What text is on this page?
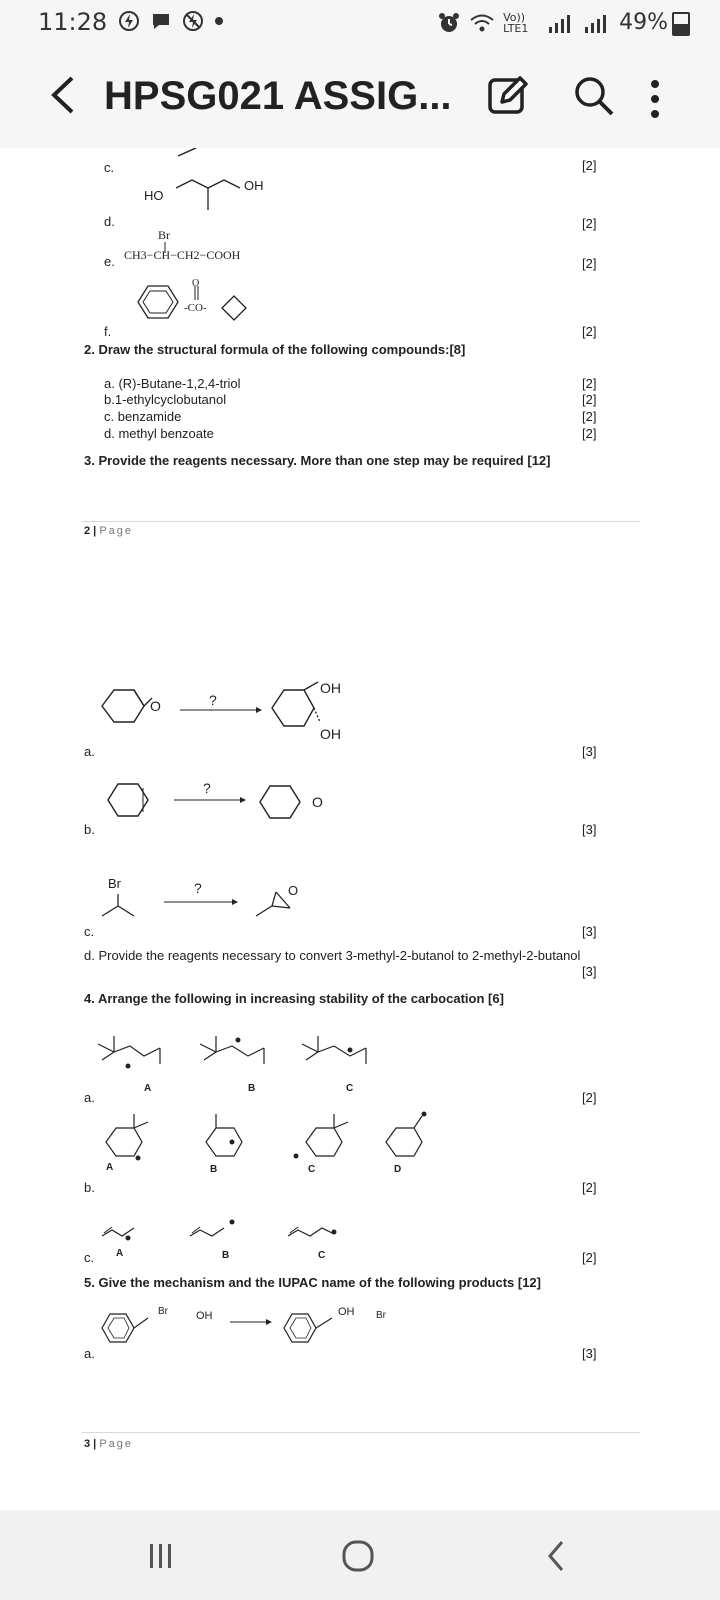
11:28	Vo)) LTE1	49%
HPSG021 ASSIG...
c.	[2]
HO
OH
d.	[2]
Br
e. CH3−CH−CH2−COOH
[2]
O
-CO-
f.	[2]
2. Draw the structural formula of the following compounds:[8]
a. (R)-Butane-1,2,4-triol	[2]
b.1-ethylcyclobutanol	[2]
c. benzamide	[2]
d. methyl benzoate	[2]
3. Provide the reagents necessary. More than one step may be required [12]
2 | Page
O	?
OH
OH
a.	[3]
?
O
b.	[3]
Br	?	O
c.	[3]
d. Provide the reagents necessary to convert 3-methyl-2-butanol to 2-methyl-2-butanol
[3]
4. Arrange the following in increasing stability of the carbocation [6]
A	B	C
a.	[2]
A	B	C	D
b.	[2]
A	B	C
c.	[2]
5. Give the mechanism and the IUPAC name of the following products [12]
Br	OH	OH Br
a.	[3]
3 | Page
